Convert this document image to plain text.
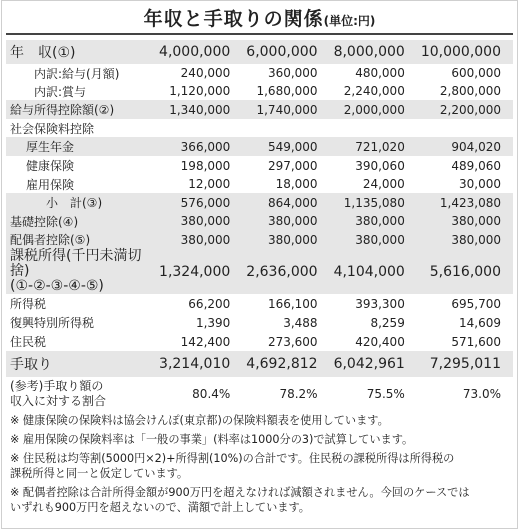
年収と手取りの関係(単位:円)
年　収(①)	4,000,000	6,000,000	8,000,000	10,000,000
内訳:給与(月額)	240,000	360,000	480,000	600,000
内訳:賞与	1,120,000	1,680,000	2,240,000	2,800,000
給与所得控除額(②)	1,340,000	1,740,000	2,000,000	2,200,000
社会保険料控除				
厚生年金	366,000	549,000	721,020	904,020
健康保険	198,000	297,000	390,060	489,060
雇用保険	12,000	18,000	24,000	30,000
小　計(③)	576,000	864,000	1,135,080	1,423,080
基礎控除(④)	380,000	380,000	380,000	380,000
配偶者控除(⑤)	380,000	380,000	380,000	380,000
課税所得(千円未満切捨)
(①-②-③-④-⑤)	1,324,000	2,636,000	4,104,000	5,616,000
所得税	66,200	166,100	393,300	695,700
復興特別所得税	1,390	3,488	8,259	14,609
住民税	142,400	273,600	420,400	571,600
手取り	3,214,010	4,692,812	6,042,961	7,295,011
(参考)手取り額の
収入に対する割合	80.4%	78.2%	75.5%	73.0%
※ 健康保険の保険料は協会けんぽ(東京都)の保険料額表を使用しています。
※ 雇用保険の保険料率は「一般の事業」(料率は1000分の3)で試算しています。
※ 住民税は均等割(5000円×2)+所得割(10%)の合計です。住民税の課税所得は所得税の
課税所得と同一と仮定しています。
※ 配偶者控除は合計所得金額が900万円を超えなければ減額されません。今回のケースでは
いずれも900万円を超えないので、満額で計上しています。
